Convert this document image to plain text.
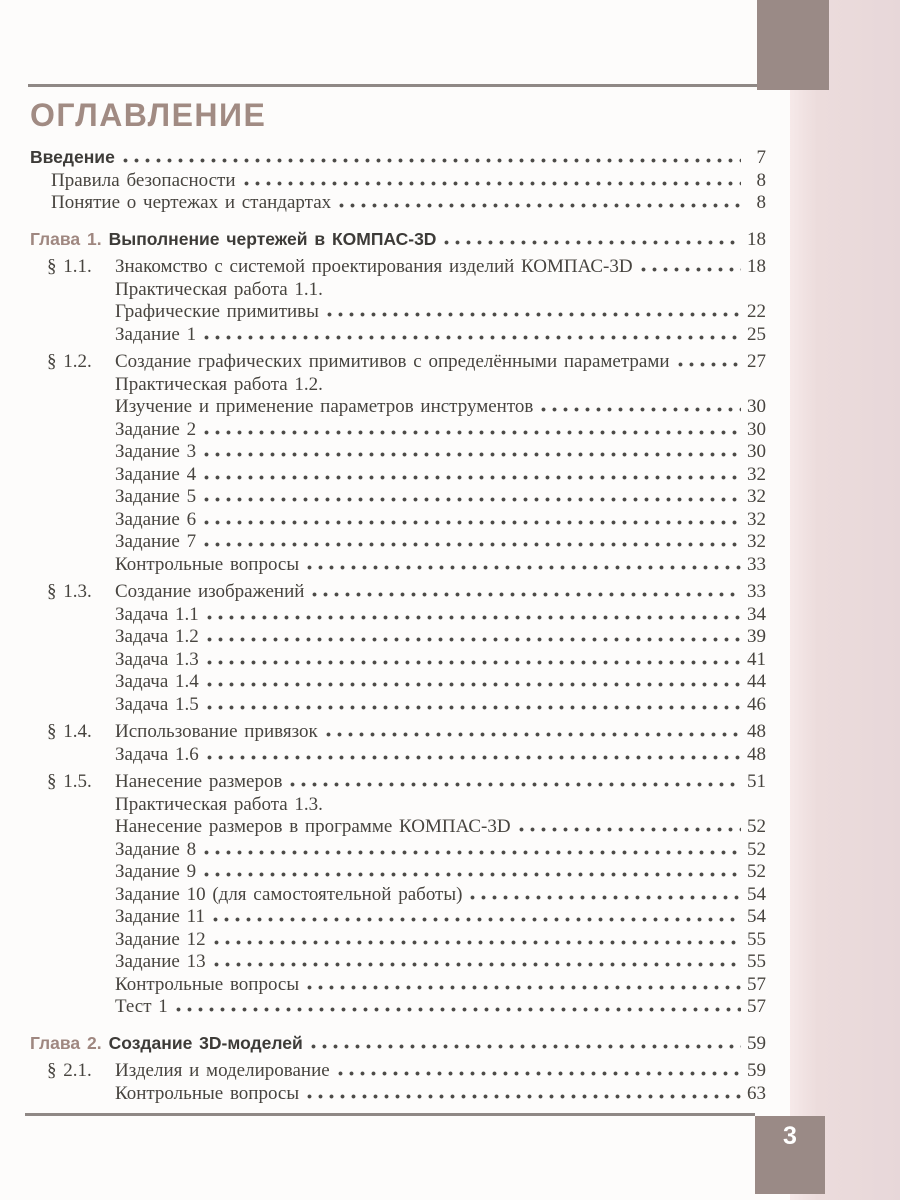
ОГЛАВЛЕНИЕ
Введение	7
Правила безопасности	8
Понятие о чертежах и стандартах	8
Глава 1. Выполнение чертежей в КОМПАС-3D	18
§ 1.1.	Знакомство с системой проектирования изделий КОМПАС-3D	18
Практическая работа 1.1.
Графические примитивы	22
Задание 1	25
§ 1.2.	Создание графических примитивов с определёнными параметрами	27
Практическая работа 1.2.
Изучение и применение параметров инструментов	30
Задание 2	30
Задание 3	30
Задание 4	32
Задание 5	32
Задание 6	32
Задание 7	32
Контрольные вопросы	33
§ 1.3.	Создание изображений	33
Задача 1.1	34
Задача 1.2	39
Задача 1.3	41
Задача 1.4	44
Задача 1.5	46
§ 1.4.	Использование привязок	48
Задача 1.6	48
§ 1.5.	Нанесение размеров	51
Практическая работа 1.3.
Нанесение размеров в программе КОМПАС-3D	52
Задание 8	52
Задание 9	52
Задание 10 (для самостоятельной работы)	54
Задание 11	54
Задание 12	55
Задание 13	55
Контрольные вопросы	57
Тест 1	57
Глава 2. Создание 3D-моделей	59
§ 2.1.	Изделия и моделирование	59
Контрольные вопросы	63
3
